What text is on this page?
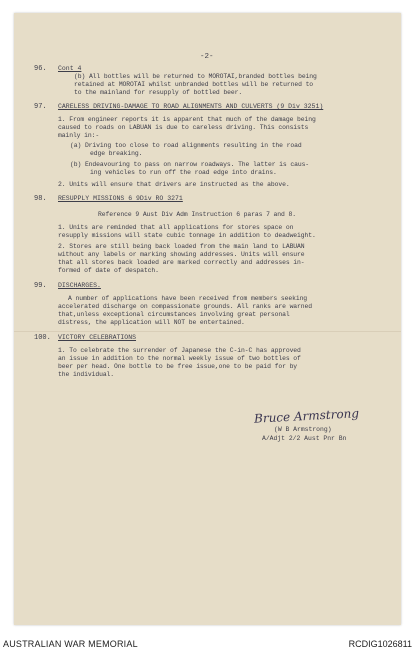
-2-
96. Cont 4
(b) All bottles will be returned to MOROTAI,branded bottles being
retained at MOROTAI whilst unbranded bottles will be returned to
to the mainland for resupply of bottled beer.
97. CARELESS DRIVING-DAMAGE TO ROAD ALIGNMENTS AND CULVERTS (9 Div 3251)
1. From engineer reports it is apparent that much of the damage being
caused to roads on LABUAN is due to careless driving. This consists
mainly in:-
(a) Driving too close to road alignments resulting in the road
edge breaking.
(b) Endeavouring to pass on narrow roadways. The latter is caus-
ing vehicles to run off the road edge into drains.
2. Units will ensure that drivers are instructed as the above.
98. RESUPPLY MISSIONS 6 9Div RO 3271
Reference 9 Aust Div Adm Instruction 6 paras 7 and 8.
1. Units are reminded that all applications for stores space on
resupply missions will state cubic tonnage in addition to deadweight.
2. Stores are still being back loaded from the main land to LABUAN
without any labels or marking showing addresses. Units will ensure
that all stores back loaded are marked correctly and addresses in-
formed of date of despatch.
99. DISCHARGES.
A number of applications have been received from members seeking
accelerated discharge on compassionate grounds. All ranks are warned
that,unless exceptional circumstances involving great personal
distress, the application will NOT be entertained.
100. VICTORY CELEBRATIONS
1. To celebrate the surrender of Japanese the C-in-C has approved
an issue in addition to the normal weekly issue of two bottles of
beer per head. One bottle to be free issue,one to be paid for by
the individual.
Bruce Armstrong
(W B Armstrong)
A/Adjt 2/2 Aust Pnr Bn
AUSTRALIAN WAR MEMORIAL	RCDIG1026811
